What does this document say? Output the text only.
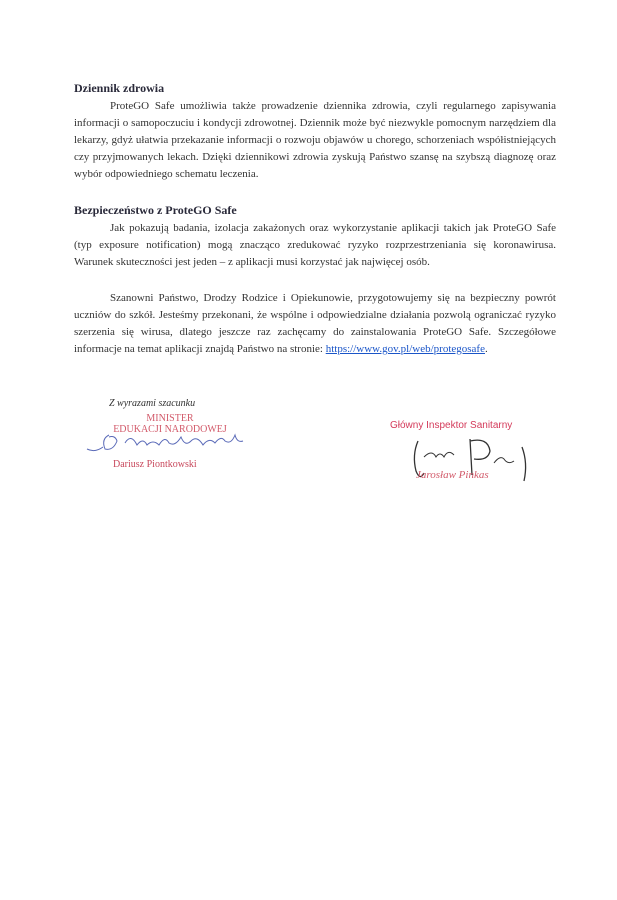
Dziennik zdrowia

ProteGO Safe umożliwia także prowadzenie dziennika zdrowia, czyli regularnego zapisywania informacji o samopoczuciu i kondycji zdrowotnej. Dziennik może być niezwykle pomocnym narzędziem dla lekarzy, gdyż ułatwia przekazanie informacji o rozwoju objawów u chorego, schorzeniach współistniejących czy przyjmowanych lekach. Dzięki dziennikowi zdrowia zyskują Państwo szansę na szybszą diagnozę oraz wybór odpowiedniego schematu leczenia.

Bezpieczeństwo z ProteGO Safe

Jak pokazują badania, izolacja zakażonych oraz wykorzystanie aplikacji takich jak ProteGO Safe (typ exposure notification) mogą znacząco zredukować ryzyko rozprzestrzeniania się koronawirusa. Warunek skuteczności jest jeden – z aplikacji musi korzystać jak najwięcej osób.

Szanowni Państwo, Drodzy Rodzice i Opiekunowie, przygotowujemy się na bezpieczny powrót uczniów do szkół. Jesteśmy przekonani, że wspólne i odpowiedzialne działania pozwolą ograniczać ryzyko szerzenia się wirusa, dlatego jeszcze raz zachęcamy do zainstalowania ProteGO Safe. Szczegółowe informacje na temat aplikacji znajdą Państwo na stronie: https://www.gov.pl/web/protegosafe.

Z wyrazami szacunku
MINISTER
EDUKACJI NARODOWEJ
Dariusz Piontkowski
Główny Inspektor Sanitarny
Jarosław Pinkas
